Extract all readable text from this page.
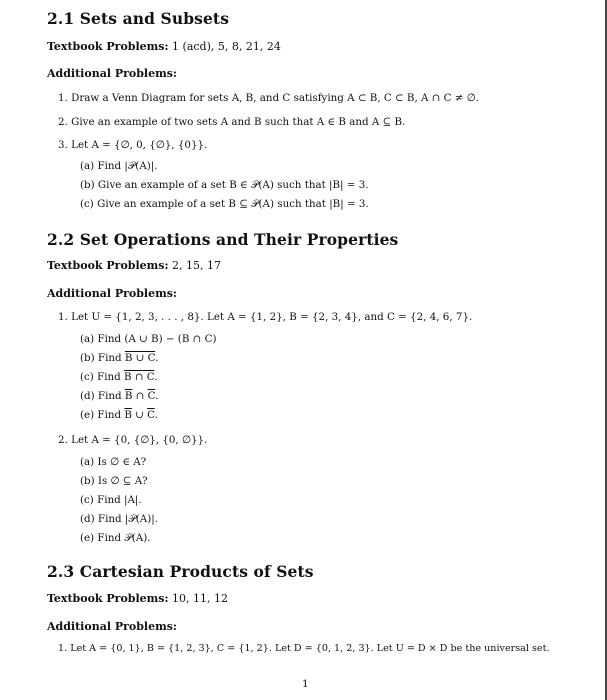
2.1 Sets and Subsets
Textbook Problems: 1 (acd), 5, 8, 21, 24
Additional Problems:
1. Draw a Venn Diagram for sets A, B, and C satisfying A ⊂ B, C ⊂ B, A ∩ C ≠ ∅.
2. Give an example of two sets A and B such that A ∈ B and A ⊆ B.
3. Let A = {∅, 0, {∅}, {0}}.
(a) Find |𝒫(A)|.
(b) Give an example of a set B ∈ 𝒫(A) such that |B| = 3.
(c) Give an example of a set B ⊆ 𝒫(A) such that |B| = 3.
2.2 Set Operations and Their Properties
Textbook Problems: 2, 15, 17
Additional Problems:
1. Let U = {1, 2, 3, . . . , 8}. Let A = {1, 2}, B = {2, 3, 4}, and C = {2, 4, 6, 7}.
(a) Find (A ∪ B) − (B ∩ C)
(b) Find B ∪ C.
(c) Find B ∩ C.
(d) Find $\overline{B}$ ∩ $\overline{C}$.
(e) Find $\overline{B}$ ∪ $\overline{C}$.
2. Let A = {0, {∅}, {0, ∅}}.
(a) Is ∅ ∈ A?
(b) Is ∅ ⊆ A?
(c) Find |A|.
(d) Find |𝒫(A)|.
(e) Find 𝒫(A).
2.3 Cartesian Products of Sets
Textbook Problems: 10, 11, 12
Additional Problems:
1. Let A = {0, 1}, B = {1, 2, 3}, C = {1, 2}. Let D = {0, 1, 2, 3}. Let U = D × D be the universal set.
1
